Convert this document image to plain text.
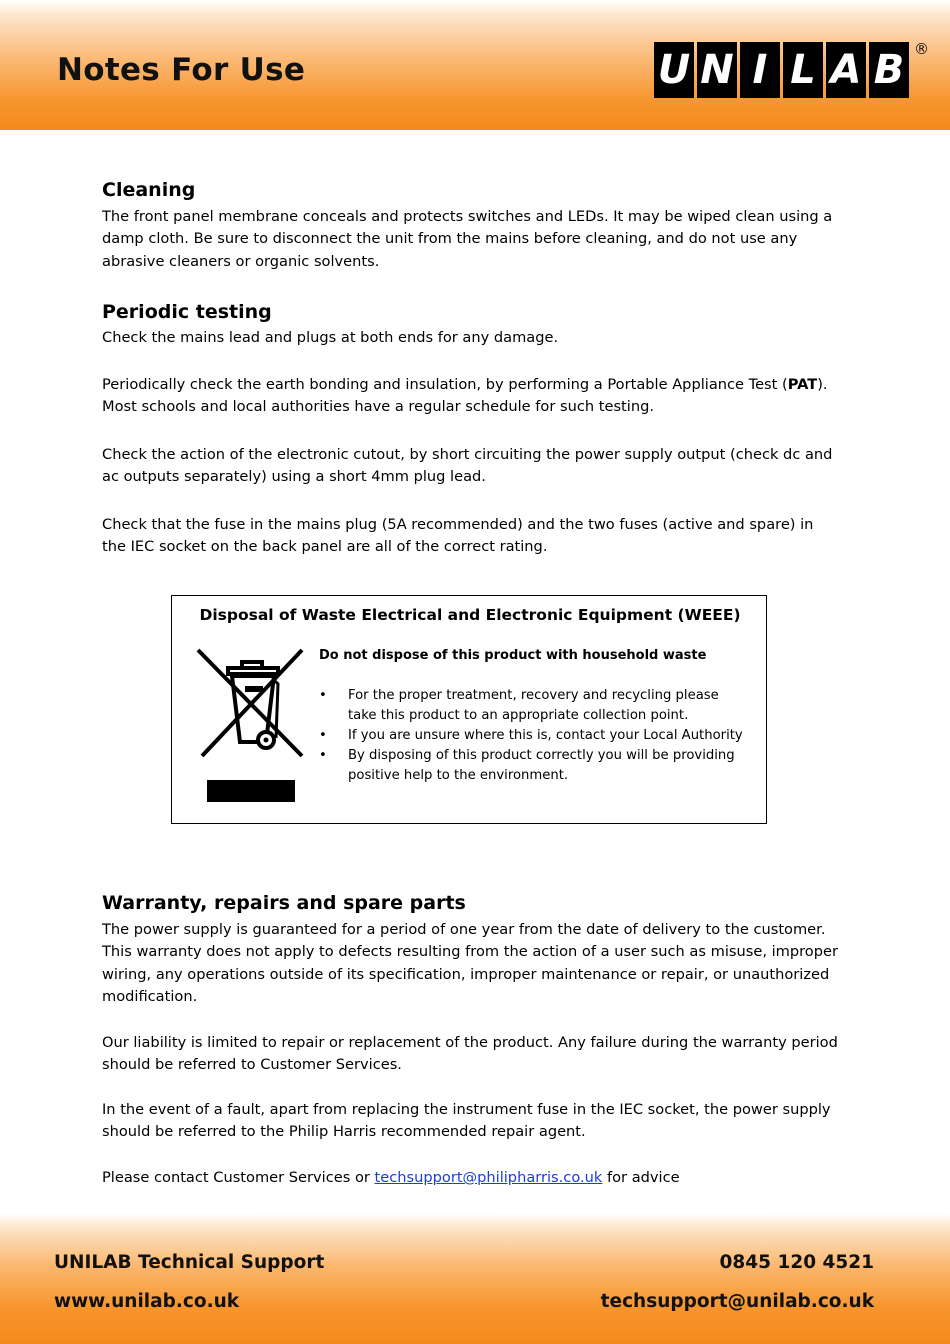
Notes For Use	U N I L A B ®
Cleaning
The front panel membrane conceals and protects switches and LEDs. It may be wiped clean using a damp cloth. Be sure to disconnect the unit from the mains before cleaning, and do not use any abrasive cleaners or organic solvents.
Periodic testing
Check the mains lead and plugs at both ends for any damage.
Periodically check the earth bonding and insulation, by performing a Portable Appliance Test (PAT). Most schools and local authorities have a regular schedule for such testing.
Check the action of the electronic cutout, by short circuiting the power supply output (check dc and ac outputs separately) using a short 4mm plug lead.
Check that the fuse in the mains plug (5A recommended) and the two fuses (active and spare) in the IEC socket on the back panel are all of the correct rating.
Disposal of Waste Electrical and Electronic Equipment (WEEE)
Do not dispose of this product with household waste
• For the proper treatment, recovery and recycling please take this product to an appropriate collection point.
• If you are unsure where this is, contact your Local Authority
• By disposing of this product correctly you will be providing positive help to the environment.
Warranty, repairs and spare parts
The power supply is guaranteed for a period of one year from the date of delivery to the customer. This warranty does not apply to defects resulting from the action of a user such as misuse, improper wiring, any operations outside of its specification, improper maintenance or repair, or unauthorized modification.
Our liability is limited to repair or replacement of the product. Any failure during the warranty period should be referred to Customer Services.
In the event of a fault, apart from replacing the instrument fuse in the IEC socket, the power supply should be referred to the Philip Harris recommended repair agent.
Please contact Customer Services or techsupport@philipharris.co.uk for advice
UNILAB Technical Support	0845 120 4521
www.unilab.co.uk	techsupport@unilab.co.uk
